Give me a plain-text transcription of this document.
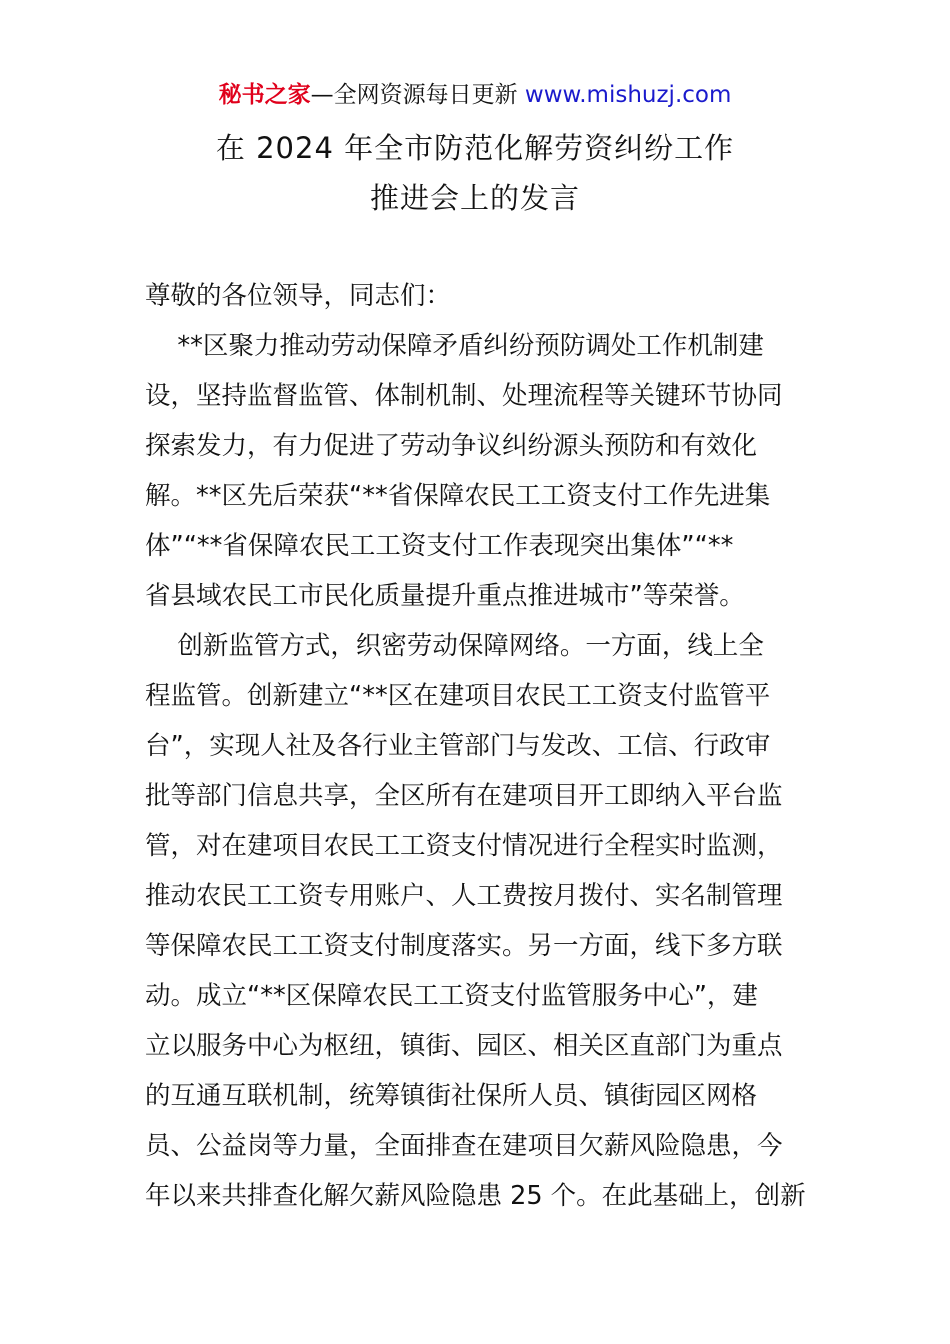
秘书之家—全网资源每日更新 www.mishuzj.com
在 2024 年全市防范化解劳资纠纷工作
推进会上的发言
尊敬的各位领导，同志们：
**区聚力推动劳动保障矛盾纠纷预防调处工作机制建
设，坚持监督监管、体制机制、处理流程等关键环节协同
探索发力，有力促进了劳动争议纠纷源头预防和有效化
解。**区先后荣获“**省保障农民工工资支付工作先进集
体”“**省保障农民工工资支付工作表现突出集体”“**
省县域农民工市民化质量提升重点推进城市”等荣誉。
创新监管方式，织密劳动保障网络。一方面，线上全
程监管。创新建立“**区在建项目农民工工资支付监管平
台”，实现人社及各行业主管部门与发改、工信、行政审
批等部门信息共享，全区所有在建项目开工即纳入平台监
管，对在建项目农民工工资支付情况进行全程实时监测，
推动农民工工资专用账户、人工费按月拨付、实名制管理
等保障农民工工资支付制度落实。另一方面，线下多方联
动。成立“**区保障农民工工资支付监管服务中心”，建
立以服务中心为枢纽，镇街、园区、相关区直部门为重点
的互通互联机制，统筹镇街社保所人员、镇街园区网格
员、公益岗等力量，全面排查在建项目欠薪风险隐患，今
年以来共排查化解欠薪风险隐患 25 个。在此基础上，创新
